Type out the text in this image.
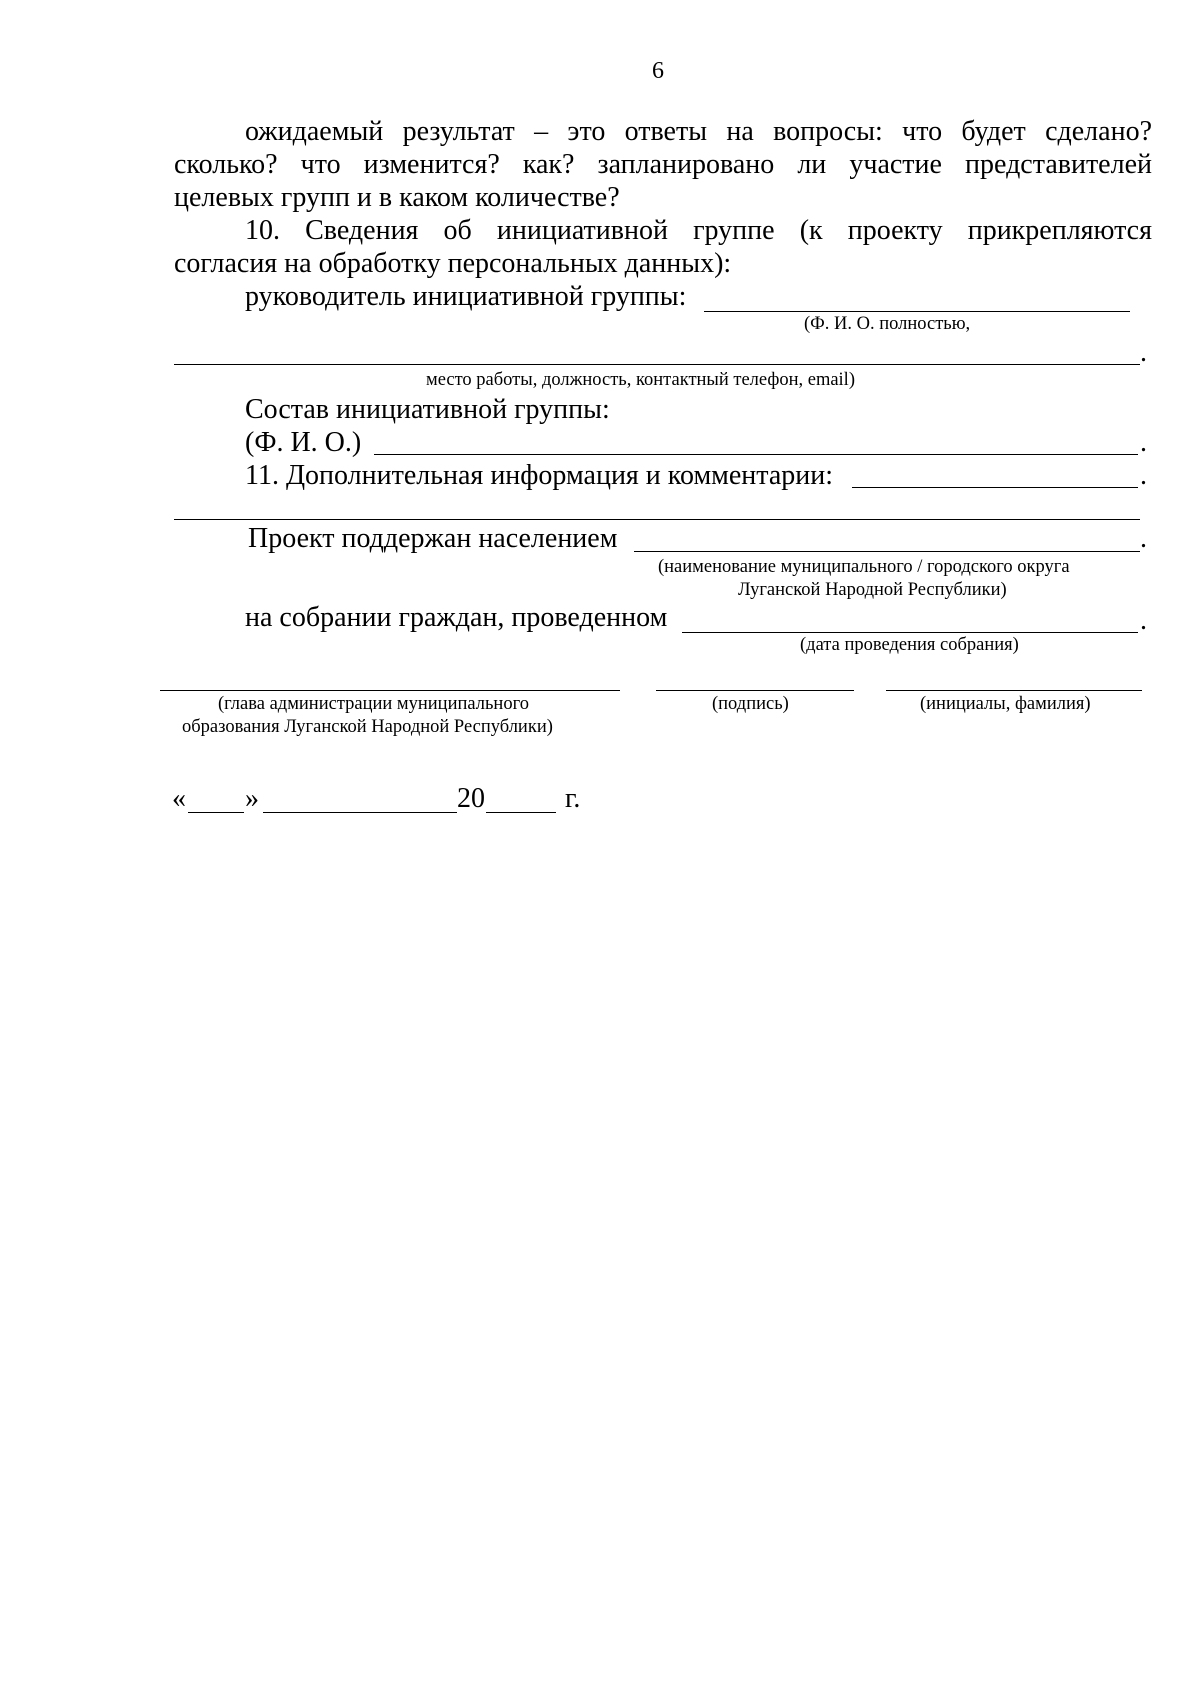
6
ожидаемый результат – это ответы на вопросы: что будет сделано?
сколько? что изменится? как? запланировано ли участие представителей
целевых групп и в каком количестве?
10. Сведения об инициативной группе (к проекту прикрепляются
согласия на обработку персональных данных):
руководитель инициативной группы:
(Ф. И. О. полностью,
.
место работы, должность, контактный телефон, email)
Состав инициативной группы:
(Ф. И. О.)	.
11. Дополнительная информация и комментарии:	.
Проект поддержан населением	.
(наименование муниципального / городского округа
Луганской Народной Республики)
на собрании граждан, проведенном	.
(дата проведения собрания)
(глава администрации муниципального
образования Луганской Народной Республики)
(подпись)	(инициалы, фамилия)
« »	20	г.
